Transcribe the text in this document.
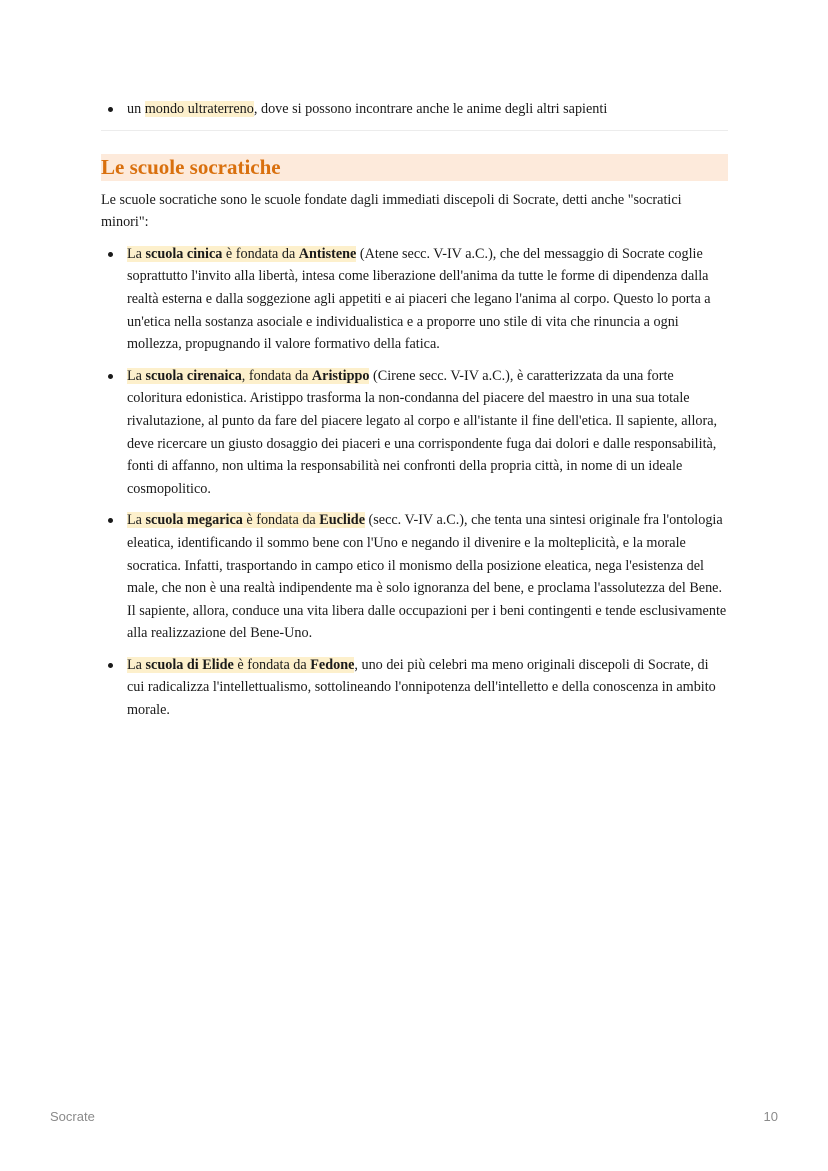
un mondo ultraterreno, dove si possono incontrare anche le anime degli altri sapienti
Le scuole socratiche

Le scuole socratiche sono le scuole fondate dagli immediati discepoli di Socrate, detti anche "socratici minori":

La scuola cinica è fondata da Antistene (Atene secc. V-IV a.C.), che del messaggio di Socrate coglie soprattutto l'invito alla libertà, intesa come liberazione dell'anima da tutte le forme di dipendenza dalla realtà esterna e dalla soggezione agli appetiti e ai piaceri che legano l'anima al corpo. Questo lo porta a un'etica nella sostanza asociale e individualistica e a proporre uno stile di vita che rinuncia a ogni mollezza, propugnando il valore formativo della fatica.
La scuola cirenaica, fondata da Aristippo (Cirene secc. V-IV a.C.), è caratterizzata da una forte coloritura edonistica. Aristippo trasforma la non-condanna del piacere del maestro in una sua totale rivalutazione, al punto da fare del piacere legato al corpo e all'istante il fine dell'etica. Il sapiente, allora, deve ricercare un giusto dosaggio dei piaceri e una corrispondente fuga dai dolori e dalle responsabilità, fonti di affanno, non ultima la responsabilità nei confronti della propria città, in nome di un ideale cosmopolitico.
La scuola megarica è fondata da Euclide (secc. V-IV a.C.), che tenta una sintesi originale fra l'ontologia eleatica, identificando il sommo bene con l'Uno e negando il divenire e la molteplicità, e la morale socratica. Infatti, trasportando in campo etico il monismo della posizione eleatica, nega l'esistenza del male, che non è una realtà indipendente ma è solo ignoranza del bene, e proclama l'assolutezza del Bene. Il sapiente, allora, conduce una vita libera dalle occupazioni per i beni contingenti e tende esclusivamente alla realizzazione del Bene-Uno.
La scuola di Elide è fondata da Fedone, uno dei più celebri ma meno originali discepoli di Socrate, di cui radicalizza l'intellettualismo, sottolineando l'onnipotenza dell'intelletto e della conoscenza in ambito morale.
Socrate	10
